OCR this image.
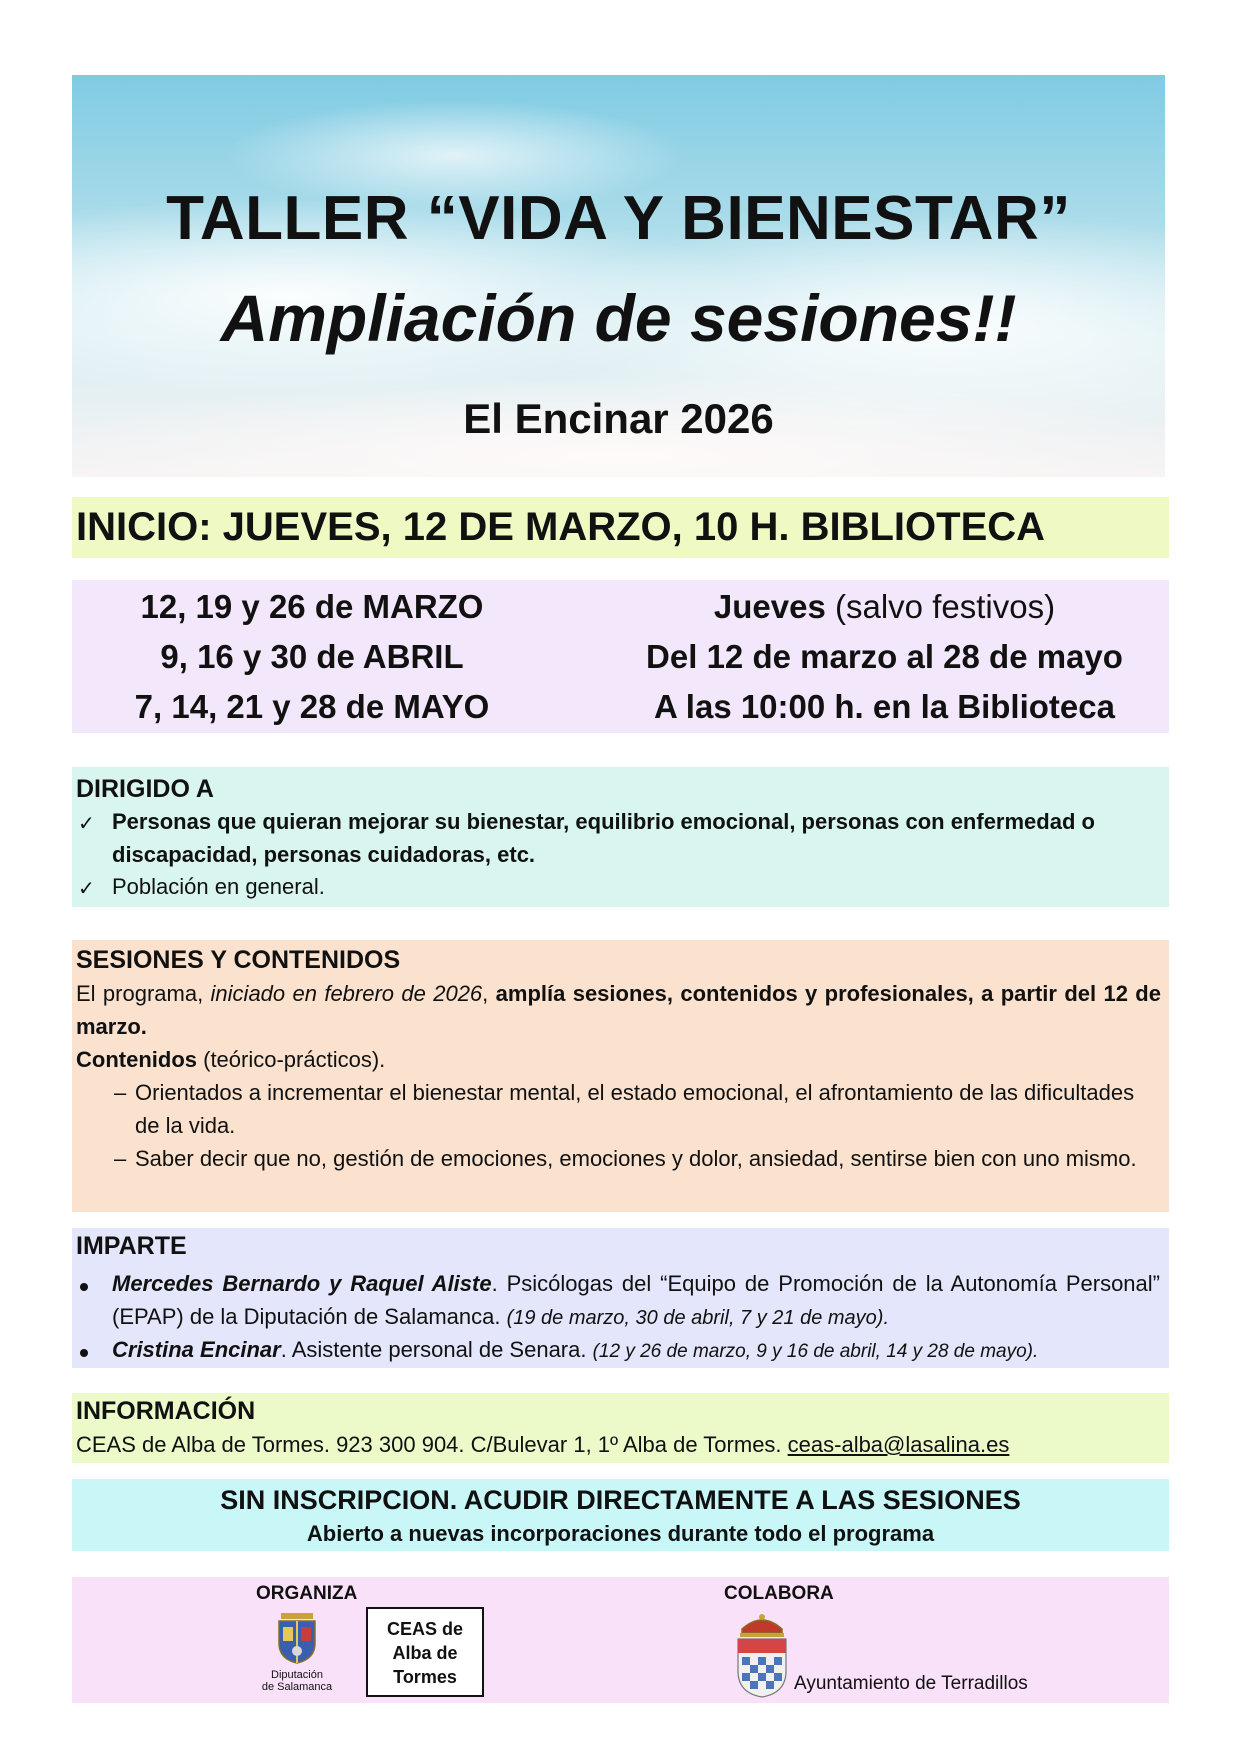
TALLER “VIDA Y BIENESTAR”
Ampliación de sesiones!!
El Encinar 2026
INICIO: JUEVES, 12 DE MARZO, 10 H. BIBLIOTECA
12, 19 y 26 de MARZO
9, 16 y 30 de ABRIL
7, 14, 21 y 28 de MAYO
Jueves (salvo festivos)
Del 12 de marzo al 28 de mayo
A las 10:00 h. en la Biblioteca
DIRIGIDO A
✓ Personas que quieran mejorar su bienestar, equilibrio emocional, personas con enfermedad o discapacidad, personas cuidadoras, etc.
✓ Población en general.
SESIONES Y CONTENIDOS
El programa, iniciado en febrero de 2026, amplía sesiones, contenidos y profesionales, a partir del 12 de marzo.
Contenidos (teórico-prácticos).
– Orientados a incrementar el bienestar mental, el estado emocional, el afrontamiento de las dificultades de la vida.
– Saber decir que no, gestión de emociones, emociones y dolor, ansiedad, sentirse bien con uno mismo.
IMPARTE
Mercedes Bernardo y Raquel Aliste. Psicólogas del “Equipo de Promoción de la Autonomía Personal” (EPAP) de la Diputación de Salamanca. (19 de marzo, 30 de abril, 7 y 21 de mayo).
Cristina Encinar. Asistente personal de Senara. (12 y 26 de marzo, 9 y 16 de abril, 14 y 28 de mayo).
INFORMACIÓN
CEAS de Alba de Tormes. 923 300 904. C/Bulevar 1, 1º Alba de Tormes. ceas-alba@lasalina.es
SIN INSCRIPCION. ACUDIR DIRECTAMENTE A LAS SESIONES
Abierto a nuevas incorporaciones durante todo el programa
ORGANIZA	COLABORA
Diputación
de Salamanca
CEAS de
Alba de
Tormes	Ayuntamiento de Terradillos
